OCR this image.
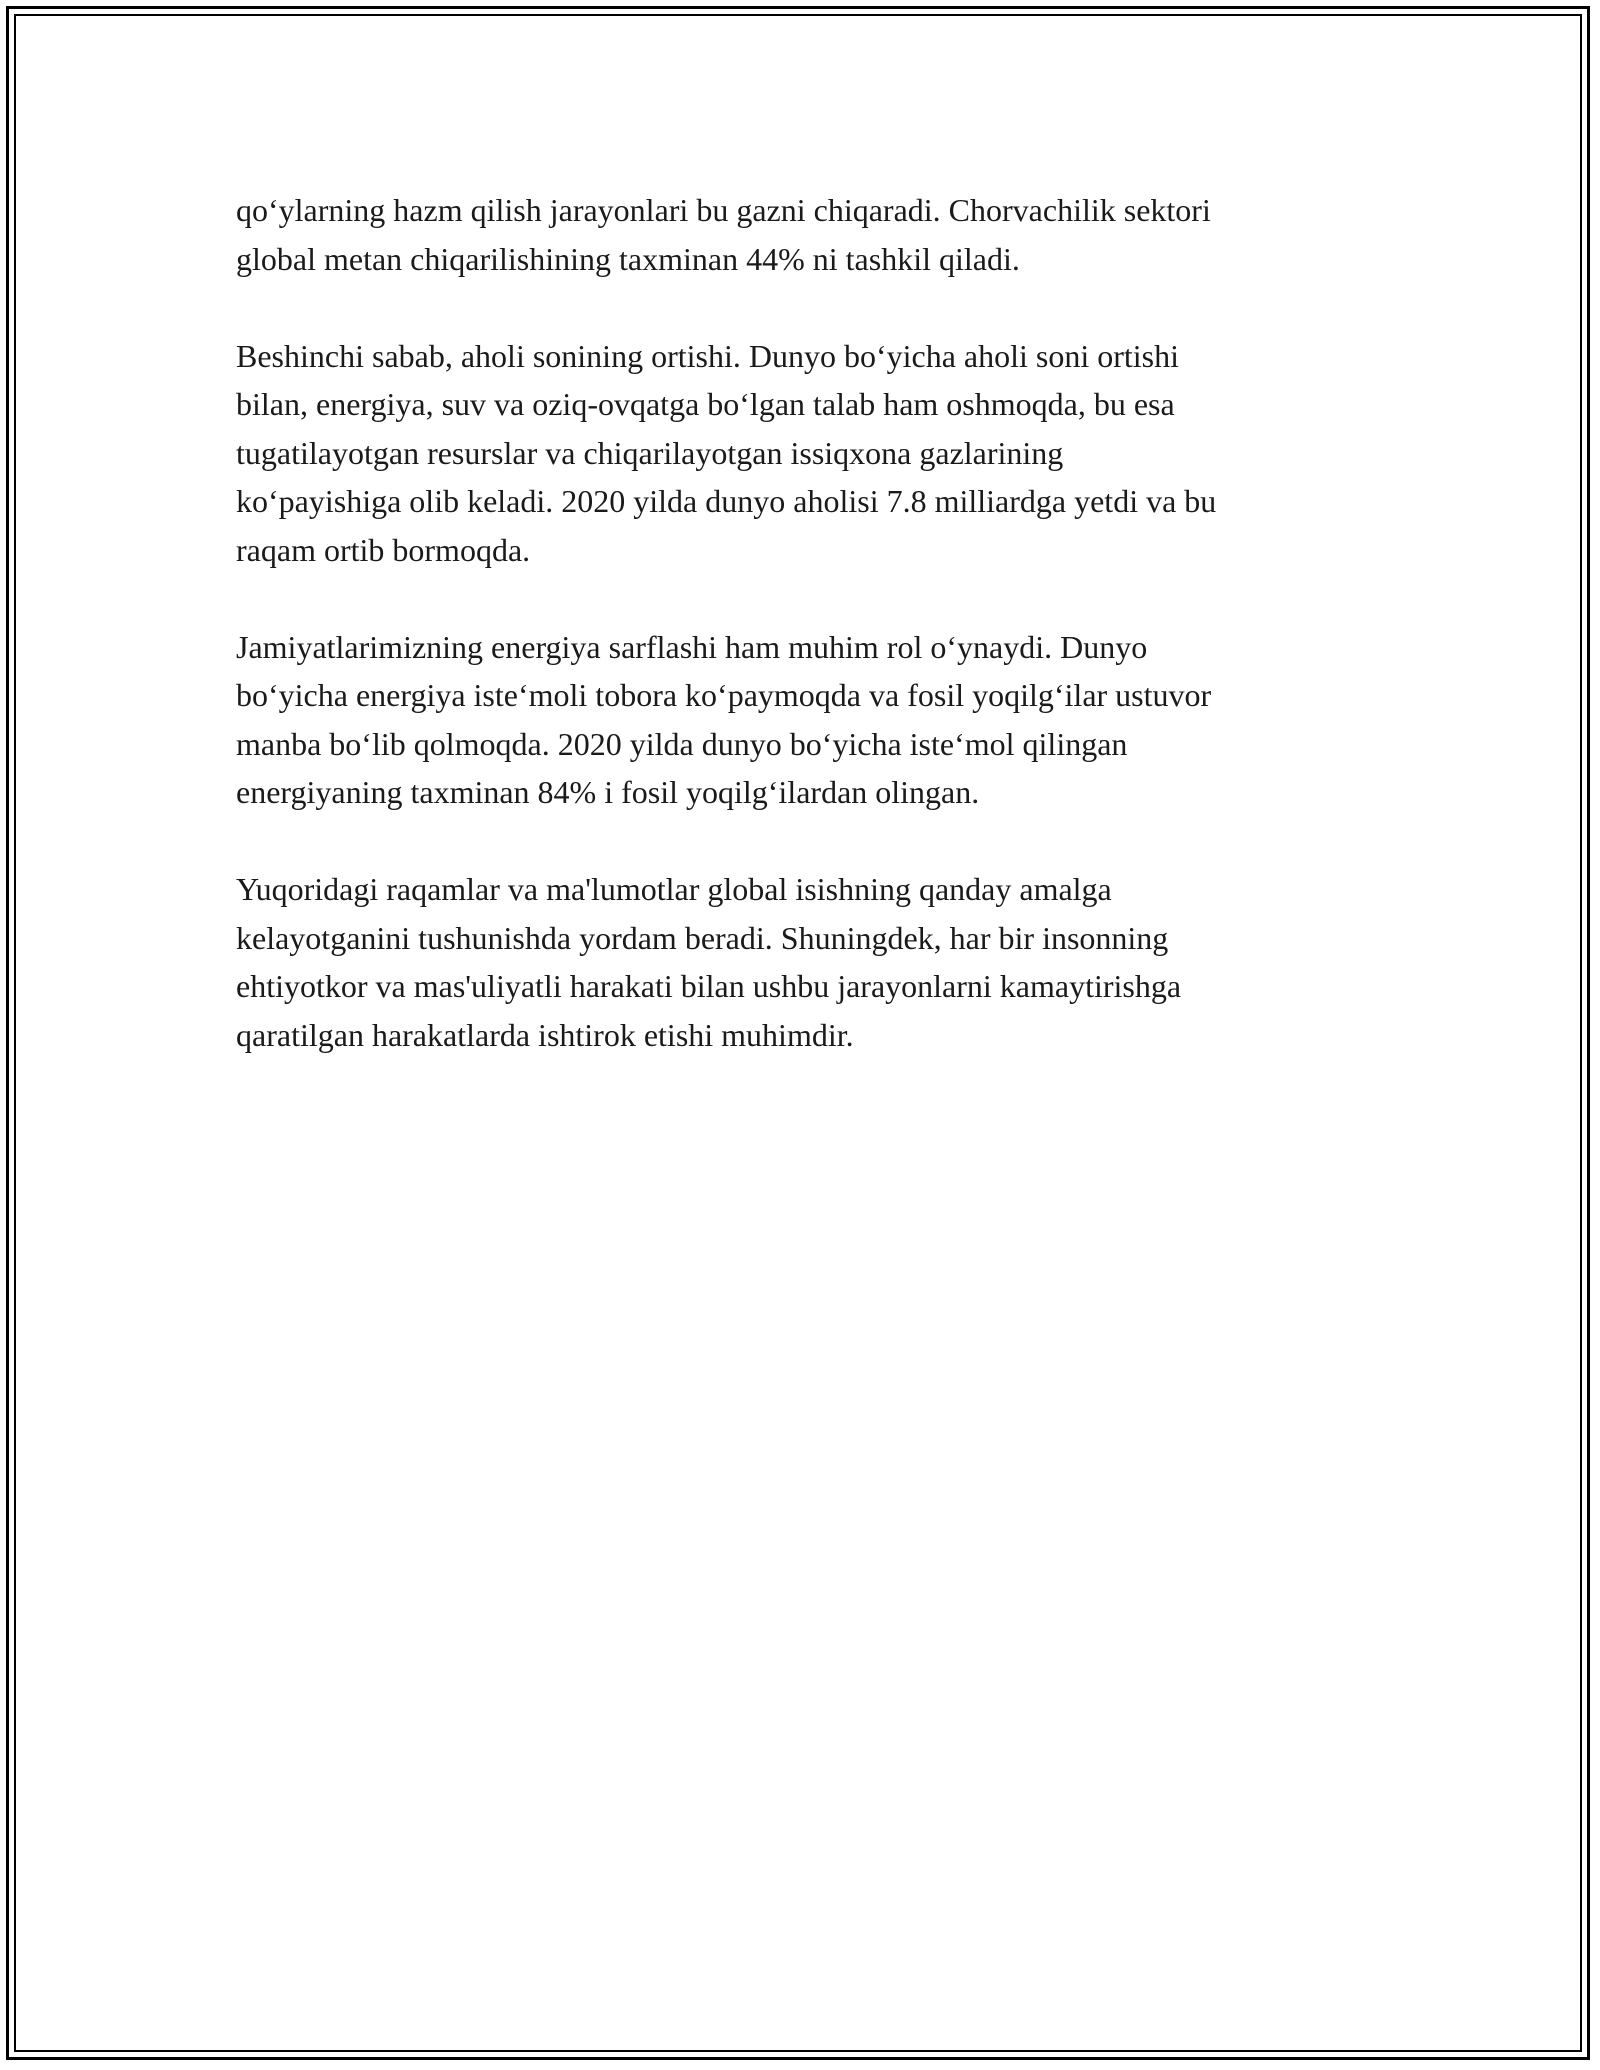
qo‘ylarning hazm qilish jarayonlari bu gazni chiqaradi. Chorvachilik sektori
global metan chiqarilishining taxminan 44% ni tashkil qiladi.

Beshinchi sabab, aholi sonining ortishi. Dunyo bo‘yicha aholi soni ortishi
bilan, energiya, suv va oziq-ovqatga bo‘lgan talab ham oshmoqda, bu esa
tugatilayotgan resurslar va chiqarilayotgan issiqxona gazlarining
ko‘payishiga olib keladi. 2020 yilda dunyo aholisi 7.8 milliardga yetdi va bu
raqam ortib bormoqda.

Jamiyatlarimizning energiya sarflashi ham muhim rol o‘ynaydi. Dunyo
bo‘yicha energiya iste‘moli tobora ko‘paymoqda va fosil yoqilg‘ilar ustuvor
manba bo‘lib qolmoqda. 2020 yilda dunyo bo‘yicha iste‘mol qilingan
energiyaning taxminan 84% i fosil yoqilg‘ilardan olingan.

Yuqoridagi raqamlar va ma'lumotlar global isishning qanday amalga
kelayotganini tushunishda yordam beradi. Shuningdek, har bir insonning
ehtiyotkor va mas'uliyatli harakati bilan ushbu jarayonlarni kamaytirishga
qaratilgan harakatlarda ishtirok etishi muhimdir.
